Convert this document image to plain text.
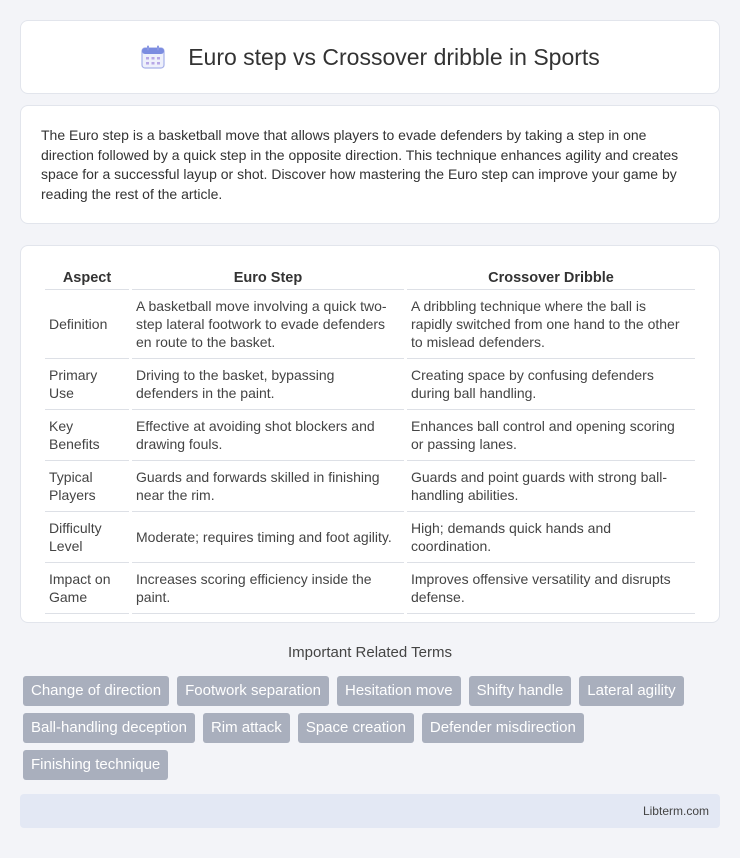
Euro step vs Crossover dribble in Sports

The Euro step is a basketball move that allows players to evade defenders by taking a step in one direction followed by a quick step in the opposite direction. This technique enhances agility and creates space for a successful layup or shot. Discover how mastering the Euro step can improve your game by reading the rest of the article.

Aspect	Euro Step	Crossover Dribble
Definition	A basketball move involving a quick two-step lateral footwork to evade defenders en route to the basket.	A dribbling technique where the ball is rapidly switched from one hand to the other to mislead defenders.
Primary Use	Driving to the basket, bypassing defenders in the paint.	Creating space by confusing defenders during ball handling.
Key Benefits	Effective at avoiding shot blockers and drawing fouls.	Enhances ball control and opening scoring or passing lanes.
Typical Players	Guards and forwards skilled in finishing near the rim.	Guards and point guards with strong ball-handling abilities.
Difficulty Level	Moderate; requires timing and foot agility.	High; demands quick hands and coordination.
Impact on Game	Increases scoring efficiency inside the paint.	Improves offensive versatility and disrupts defense.
Important Related Terms
Change of direction	Footwork separation	Hesitation move	Shifty handle	Lateral agility
Ball-handling deception	Rim attack	Space creation	Defender misdirection
Finishing technique
Libterm.com
